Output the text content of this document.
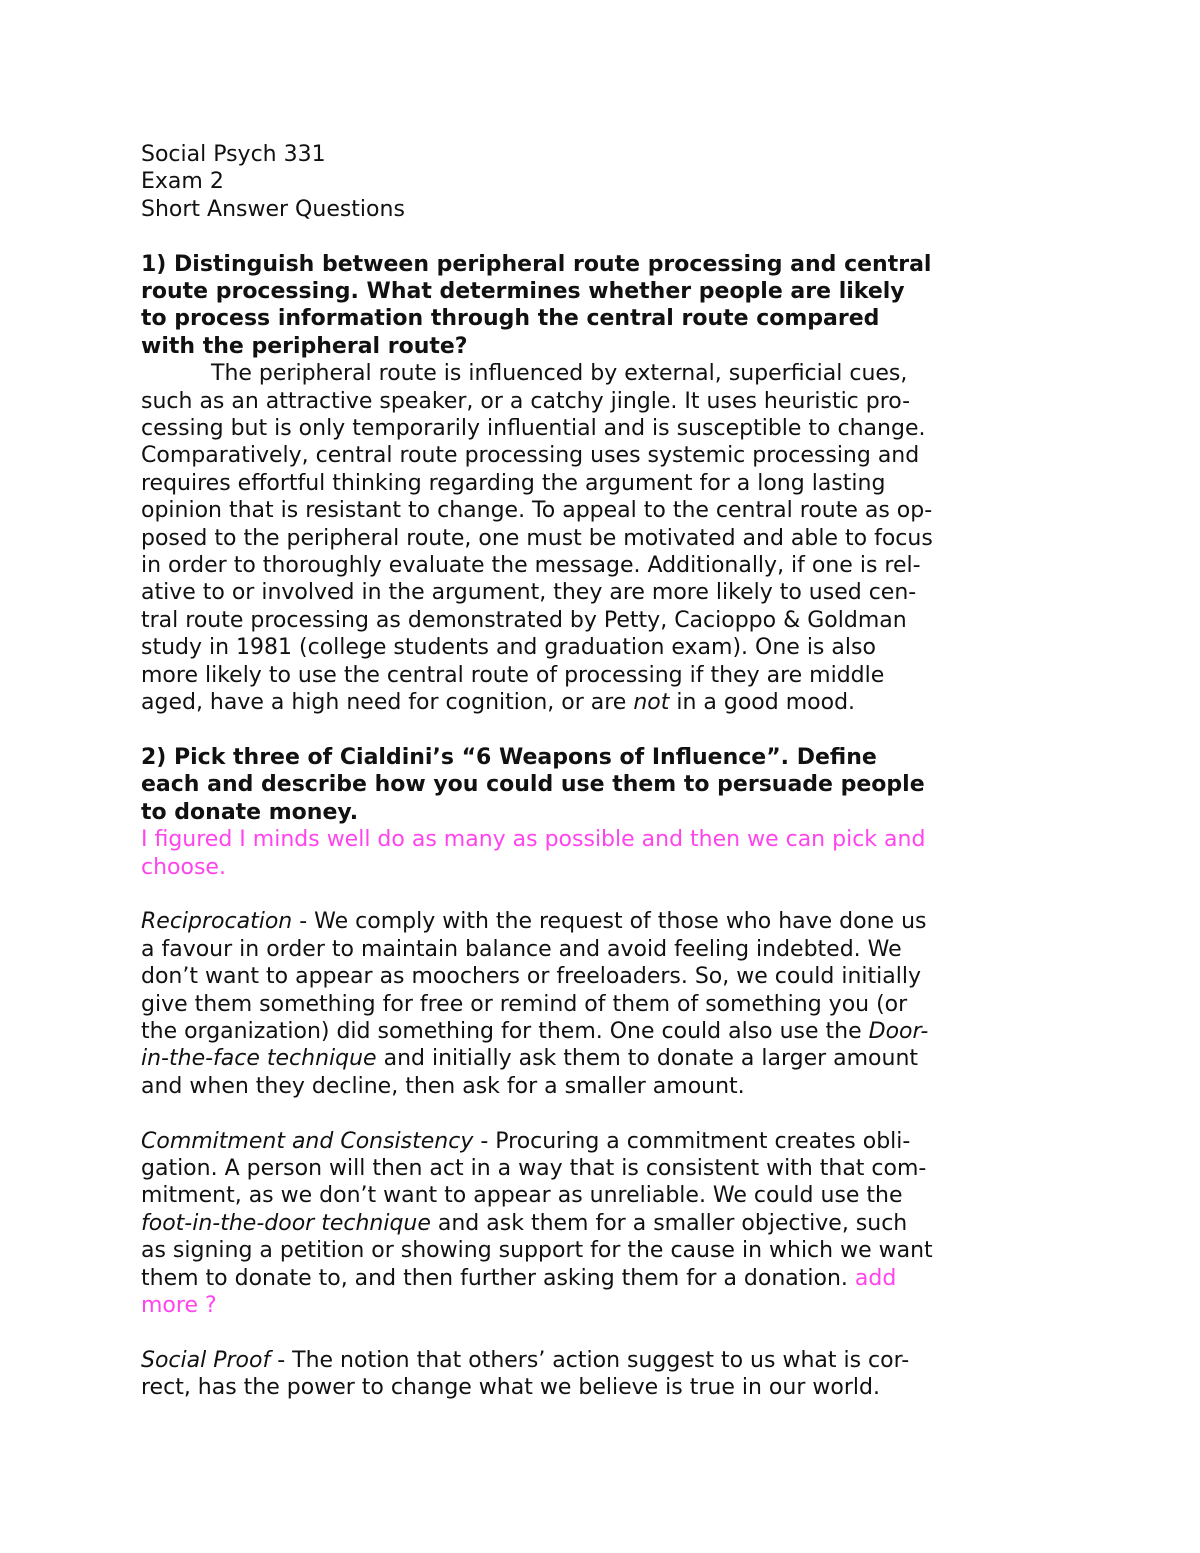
Social Psych 331
Exam 2
Short Answer Questions
1) Distinguish between peripheral route processing and central
route processing. What determines whether people are likely
to process information through the central route compared
with the peripheral route?
The peripheral route is influenced by external, superficial cues,
such as an attractive speaker, or a catchy jingle. It uses heuristic pro-
cessing but is only temporarily influential and is susceptible to change.
Comparatively, central route processing uses systemic processing and
requires effortful thinking regarding the argument for a long lasting
opinion that is resistant to change. To appeal to the central route as op-
posed to the peripheral route, one must be motivated and able to focus
in order to thoroughly evaluate the message. Additionally, if one is rel-
ative to or involved in the argument, they are more likely to used cen-
tral route processing as demonstrated by Petty, Cacioppo & Goldman
study in 1981 (college students and graduation exam). One is also
more likely to use the central route of processing if they are middle
aged, have a high need for cognition, or are not in a good mood.
2) Pick three of Cialdini’s “6 Weapons of Influence”. Define
each and describe how you could use them to persuade people
to donate money.
I figured I minds well do as many as possible and then we can pick and
choose.
Reciprocation - We comply with the request of those who have done us
a favour in order to maintain balance and avoid feeling indebted. We
don’t want to appear as moochers or freeloaders. So, we could initially
give them something for free or remind of them of something you (or
the organization) did something for them. One could also use the Door-
in-the-face technique and initially ask them to donate a larger amount
and when they decline, then ask for a smaller amount.
Commitment and Consistency - Procuring a commitment creates obli-
gation. A person will then act in a way that is consistent with that com-
mitment, as we don’t want to appear as unreliable. We could use the
foot-in-the-door technique and ask them for a smaller objective, such
as signing a petition or showing support for the cause in which we want
them to donate to, and then further asking them for a donation. add
more ?
Social Proof - The notion that others’ action suggest to us what is cor-
rect, has the power to change what we believe is true in our world.
